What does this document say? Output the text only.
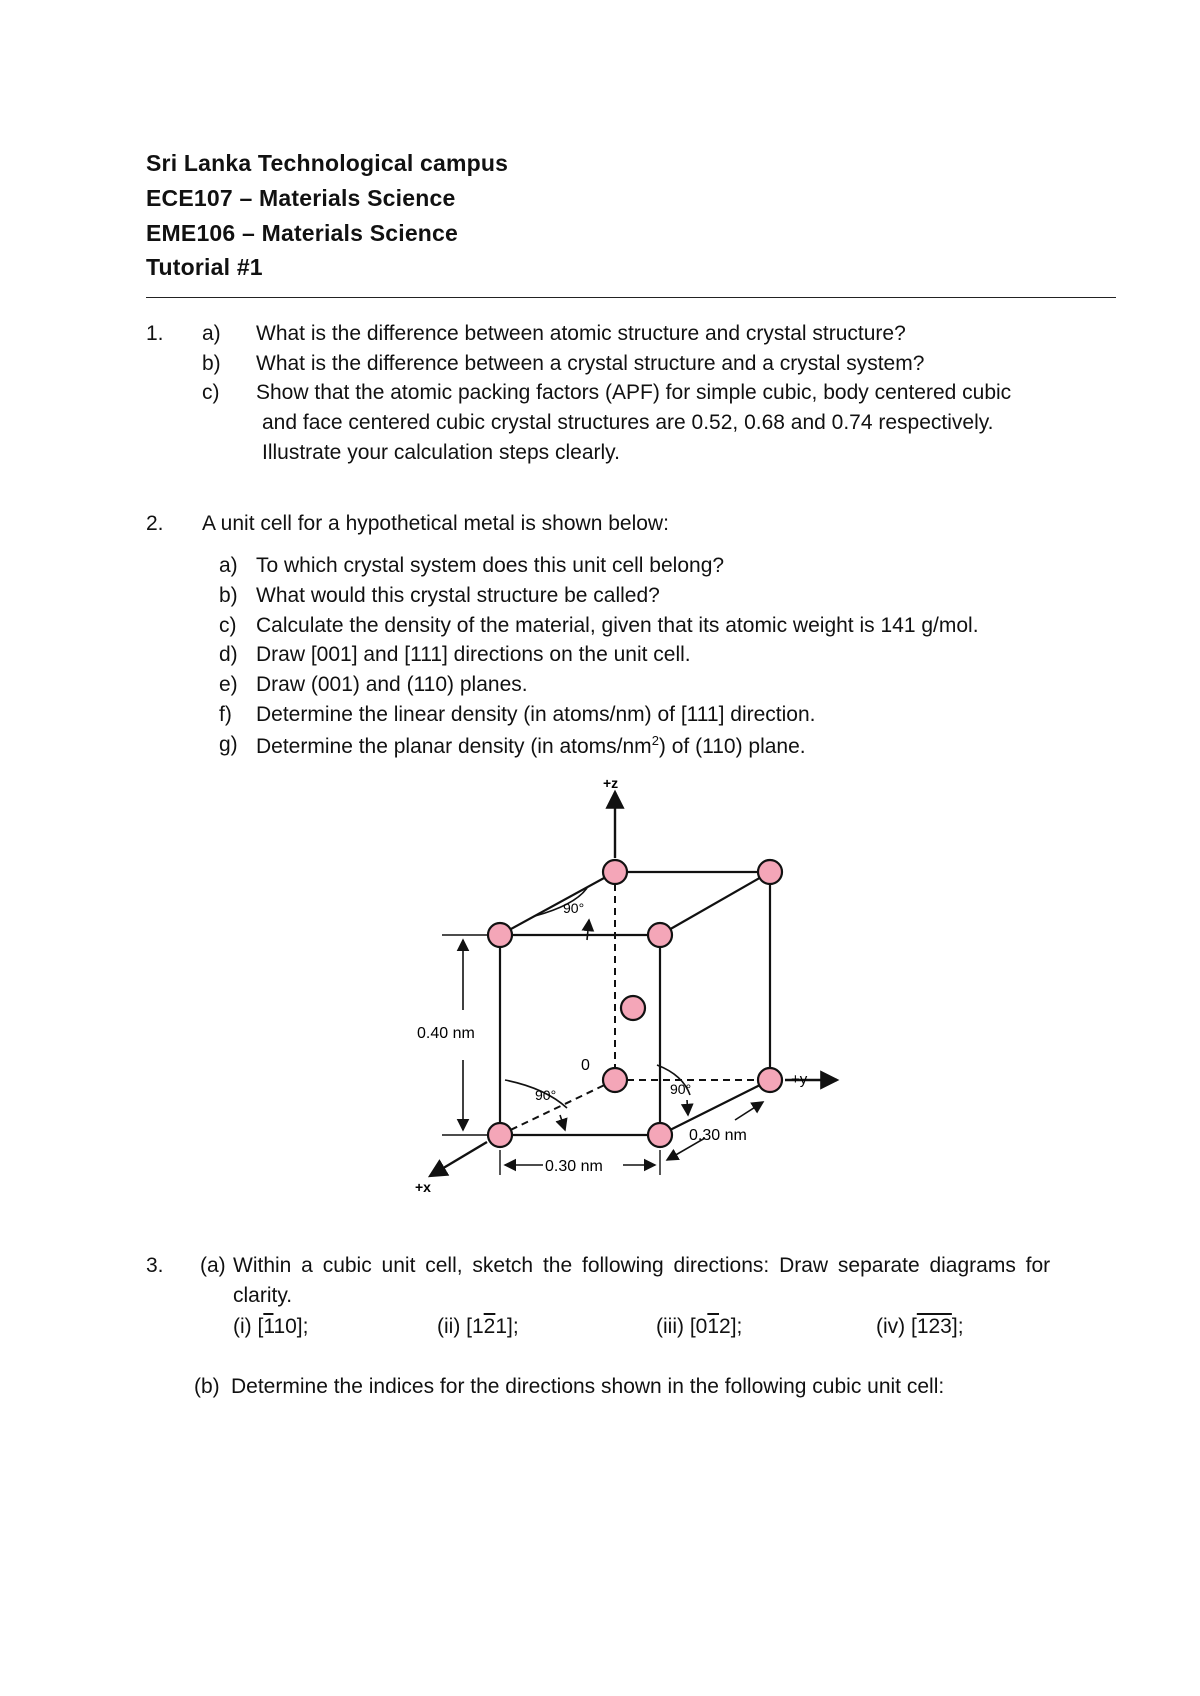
Sri Lanka Technological campus
ECE107 – Materials Science
EME106 – Materials Science
Tutorial #1
1. a) What is the difference between atomic structure and crystal structure?
b) What is the difference between a crystal structure and a crystal system?
c) Show that the atomic packing factors (APF) for simple cubic, body centered cubic
and face centered cubic crystal structures are 0.52, 0.68 and 0.74 respectively.
Illustrate your calculation steps clearly.
2. A unit cell for a hypothetical metal is shown below:
a) To which crystal system does this unit cell belong?
b) What would this crystal structure be called?
c) Calculate the density of the material, given that its atomic weight is 141 g/mol.
d) Draw [001] and [111] directions on the unit cell.
e) Draw (001) and (110) planes.
f) Determine the linear density (in atoms/nm) of [111] direction.
g) Determine the planar density (in atoms/$nm^2$) of (110) plane.
+z
+y
+x
0
90°
90°	90°
0.40 nm
0.30 nm
0.30 nm
3. (a) Within a cubic unit cell, sketch the following directions: Draw separate diagrams for
clarity.
(i) [110];	(ii) [121];	(iii) [012];	(iv) [123];
(b) Determine the indices for the directions shown in the following cubic unit cell:
